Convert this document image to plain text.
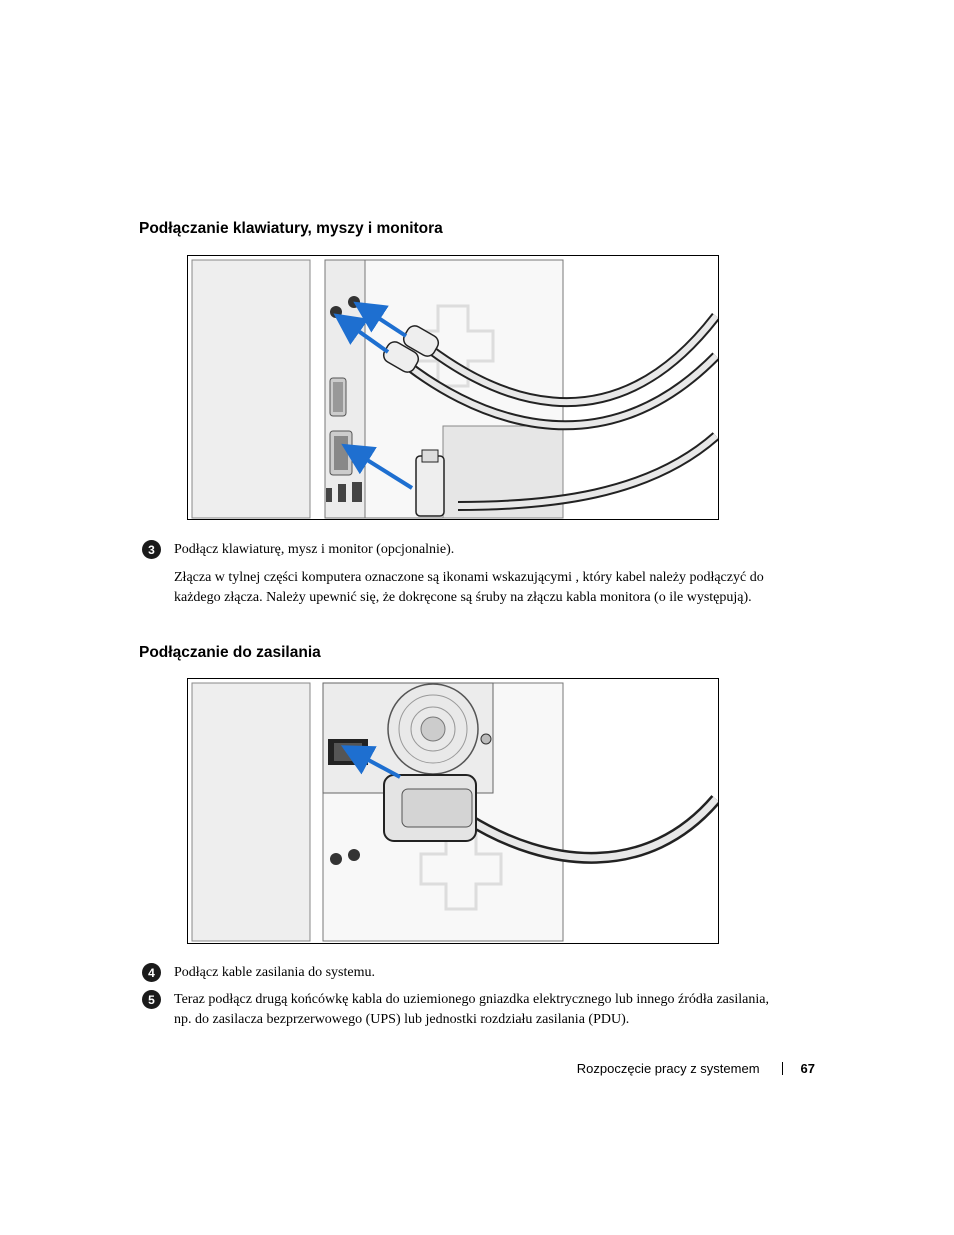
Podłączanie klawiatury, myszy i monitora
3	Podłącz klawiaturę, mysz i monitor (opcjonalnie).

Złącza w tylnej części komputera oznaczone są ikonami wskazującymi , który kabel należy podłączyć do każdego złącza. Należy upewnić się, że dokręcone są śruby na złączu kabla monitora (o ile występują).

Podłączanie do zasilania
4	Podłącz kable zasilania do systemu.
5	Teraz podłącz drugą końcówkę kabla do uziemionego gniazdka elektrycznego lub innego źródła zasilania, np. do zasilacza bezprzerwowego (UPS) lub jednostki rozdziału zasilania (PDU).
Rozpoczęcie pracy z systemem	67
